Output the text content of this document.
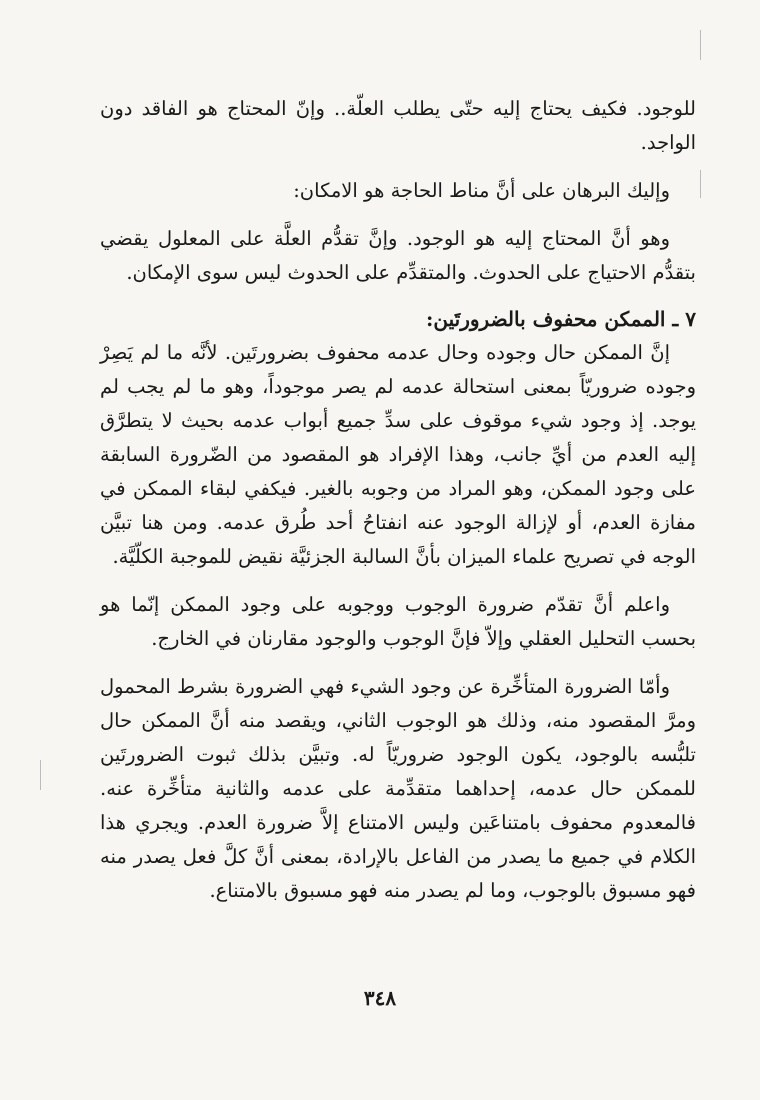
للوجود. فكيف يحتاج إليه حتّى يطلب العلّة.. وإنّ المحتاج هو الفاقد دون الواجد.

وإليك البرهان على أنَّ مناط الحاجة هو الامكان:

وهو أنَّ المحتاج إليه هو الوجود. وإنَّ تقدُّم العلَّة على المعلول يقضي بتقدُّم الاحتياج على الحدوث. والمتقدِّم على الحدوث ليس سوى الإمكان.

٧ ـ الممكن محفوف بالضرورتَين:

إنَّ الممكن حال وجوده وحال عدمه محفوف بضرورتَين. لأنَّه ما لم يَصِرْ وجوده ضروريّاً بمعنى استحالة عدمه لم يصر موجوداً، وهو ما لم يجب لم يوجد. إذ وجود شيء موقوف على سدِّ جميع أبواب عدمه بحيث لا يتطرَّق إليه العدم من أيِّ جانب، وهذا الإفراد هو المقصود من الضّرورة السابقة على وجود الممكن، وهو المراد من وجوبه بالغير. فيكفي لبقاء الممكن في مفازة العدم، أو لإزالة الوجود عنه انفتاحُ أحد طُرق عدمه. ومن هنا تبيَّن الوجه في تصريح علماء الميزان بأنَّ السالبة الجزئيَّة نقيض للموجبة الكلّيَّة.

واعلم أنَّ تقدّم ضرورة الوجوب ووجوبه على وجود الممكن إنّما هو بحسب التحليل العقلي وإلاّ فإنَّ الوجوب والوجود مقارنان في الخارج.

وأمّا الضرورة المتأخِّرة عن وجود الشيء فهي الضرورة بشرط المحمول ومرَّ المقصود منه، وذلك هو الوجوب الثاني، ويقصد منه أنَّ الممكن حال تلبُّسه بالوجود، يكون الوجود ضروريّاً له. وتبيَّن بذلك ثبوت الضرورتَين للممكن حال عدمه، إحداهما متقدِّمة على عدمه والثانية متأخِّرة عنه. فالمعدوم محفوف بامتناعَين وليس الامتناع إلاَّ ضرورة العدم. ويجري هذا الكلام في جميع ما يصدر من الفاعل بالإرادة، بمعنى أنَّ كلَّ فعل يصدر منه فهو مسبوق بالوجوب، وما لم يصدر منه فهو مسبوق بالامتناع.

٣٤٨
